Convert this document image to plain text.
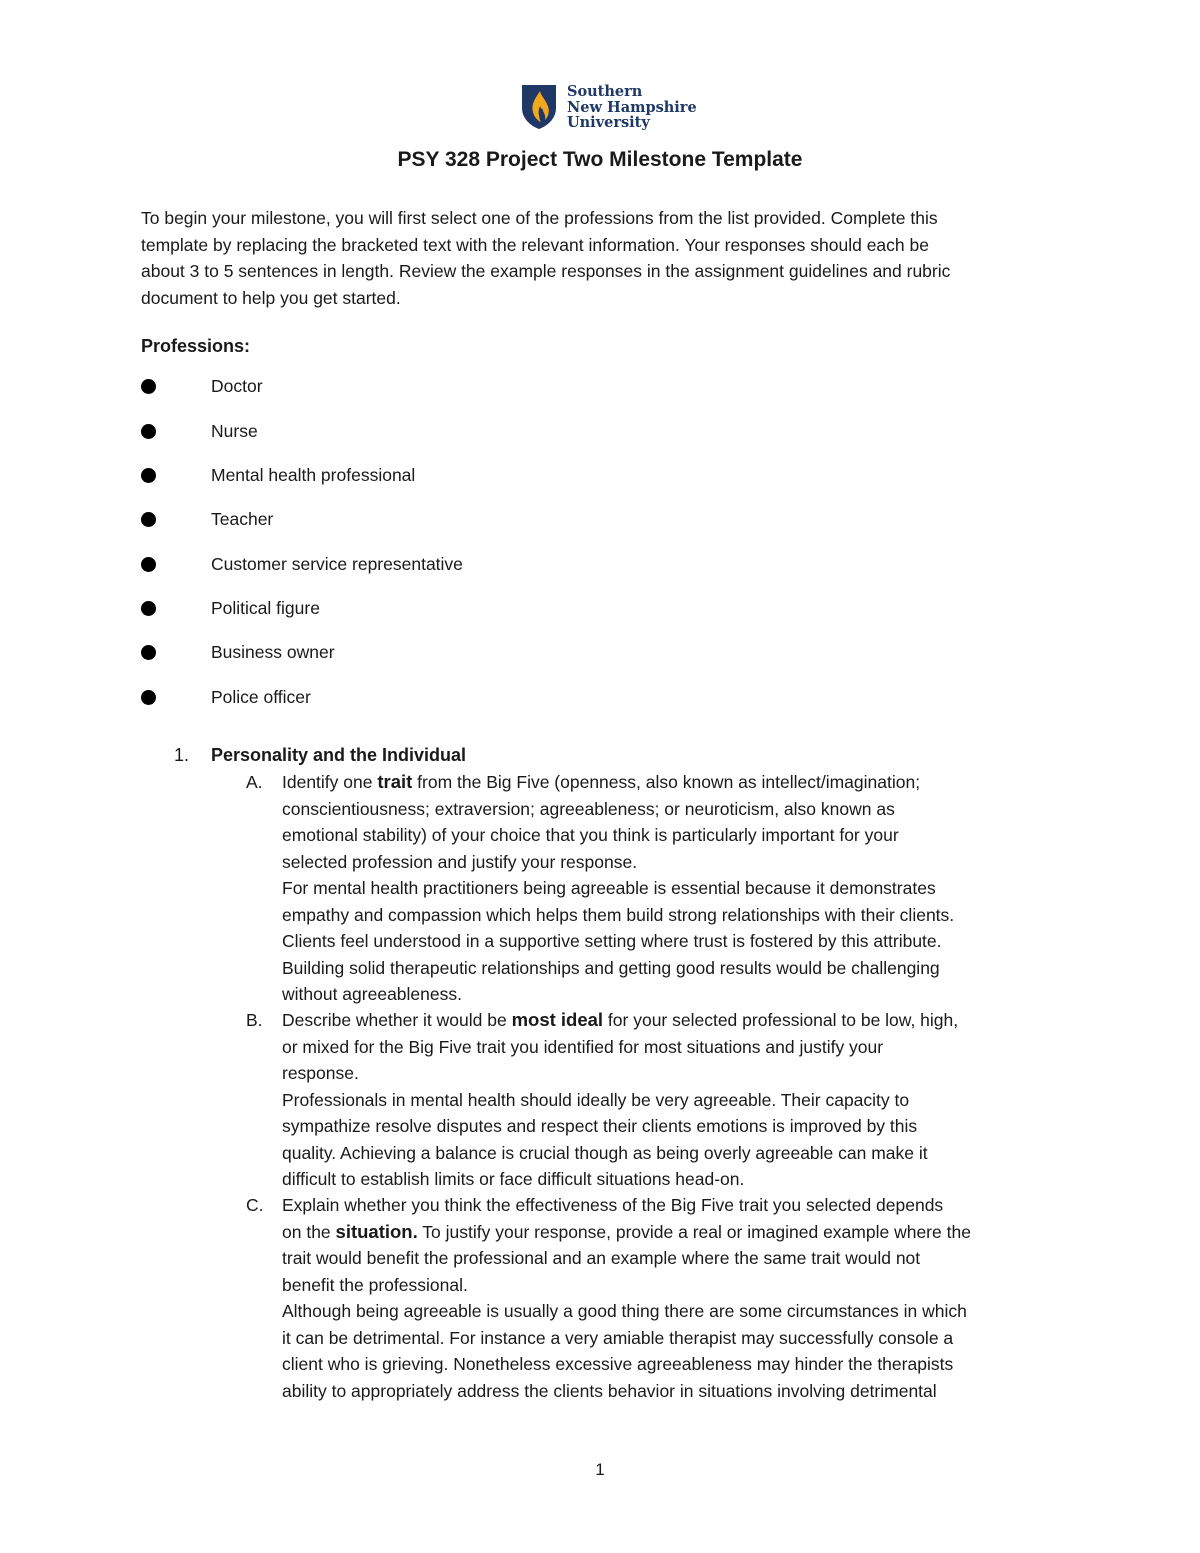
Southern
New Hampshire
University
PSY 328 Project Two Milestone Template
To begin your milestone, you will first select one of the professions from the list provided. Complete this
template by replacing the bracketed text with the relevant information. Your responses should each be
about 3 to 5 sentences in length. Review the example responses in the assignment guidelines and rubric
document to help you get started.
Professions:
Doctor
Nurse
Mental health professional
Teacher
Customer service representative
Political figure
Business owner
Police officer
1. Personality and the Individual
A. Identify one trait from the Big Five (openness, also known as intellect/imagination;
conscientiousness; extraversion; agreeableness; or neuroticism, also known as
emotional stability) of your choice that you think is particularly important for your
selected profession and justify your response.
For mental health practitioners being agreeable is essential because it demonstrates
empathy and compassion which helps them build strong relationships with their clients.
Clients feel understood in a supportive setting where trust is fostered by this attribute.
Building solid therapeutic relationships and getting good results would be challenging
without agreeableness.
B. Describe whether it would be most ideal for your selected professional to be low, high,
or mixed for the Big Five trait you identified for most situations and justify your
response.
Professionals in mental health should ideally be very agreeable. Their capacity to
sympathize resolve disputes and respect their clients emotions is improved by this
quality. Achieving a balance is crucial though as being overly agreeable can make it
difficult to establish limits or face difficult situations head-on.
C. Explain whether you think the effectiveness of the Big Five trait you selected depends
on the situation. To justify your response, provide a real or imagined example where the
trait would benefit the professional and an example where the same trait would not
benefit the professional.
Although being agreeable is usually a good thing there are some circumstances in which
it can be detrimental. For instance a very amiable therapist may successfully console a
client who is grieving. Nonetheless excessive agreeableness may hinder the therapists
ability to appropriately address the clients behavior in situations involving detrimental
1
